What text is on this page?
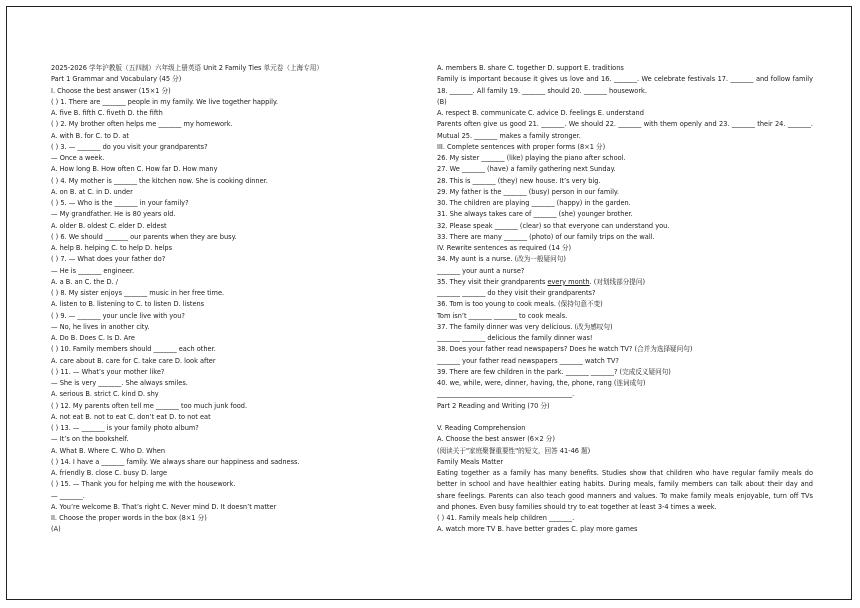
2025-2026 学年沪教版（五四制）六年级上册英语 Unit 2 Family Ties 单元卷（上海专用）
Part 1 Grammar and Vocabulary (45 分)
I. Choose the best answer (15×1 分)
( ) 1. There are _______ people in my family. We live together happily.
A. five B. fifth C. fiveth D. the fifth
( ) 2. My brother often helps me _______ my homework.
A. with B. for C. to D. at
( ) 3. — _______ do you visit your grandparents?
— Once a week.
A. How long B. How often C. How far D. How many
( ) 4. My mother is _______ the kitchen now. She is cooking dinner.
A. on B. at C. in D. under
( ) 5. — Who is the _______ in your family?
— My grandfather. He is 80 years old.
A. older B. oldest C. elder D. eldest
( ) 6. We should _______ our parents when they are busy.
A. help B. helping C. to help D. helps
( ) 7. — What does your father do?
— He is _______ engineer.
A. a B. an C. the D. /
( ) 8. My sister enjoys _______ music in her free time.
A. listen to B. listening to C. to listen D. listens
( ) 9. — _______ your uncle live with you?
— No, he lives in another city.
A. Do B. Does C. Is D. Are
( ) 10. Family members should _______ each other.
A. care about B. care for C. take care D. look after
( ) 11. — What’s your mother like?
— She is very _______. She always smiles.
A. serious B. strict C. kind D. shy
( ) 12. My parents often tell me _______ too much junk food.
A. not eat B. not to eat C. don’t eat D. to not eat
( ) 13. — _______ is your family photo album?
— It’s on the bookshelf.
A. What B. Where C. Who D. When
( ) 14. I have a _______ family. We always share our happiness and sadness.
A. friendly B. close C. busy D. large
( ) 15. — Thank you for helping me with the housework.
— _______.
A. You’re welcome B. That’s right C. Never mind D. It doesn’t matter
II. Choose the proper words in the box (8×1 分)
(A)
A. members B. share C. together D. support E. traditions
Family is important because it gives us love and 16. _______. We celebrate festivals 17. _______ and follow family 18. _______. All family 19. _______ should 20. _______ housework.
(B)
A. respect B. communicate C. advice D. feelings E. understand
Parents often give us good 21. _______. We should 22. _______ with them openly and 23. _______ their 24. _______. Mutual 25. _______ makes a family stronger.
III. Complete sentences with proper forms (8×1 分)
26. My sister _______ (like) playing the piano after school.
27. We _______ (have) a family gathering next Sunday.
28. This is _______ (they) new house. It’s very big.
29. My father is the _______ (busy) person in our family.
30. The children are playing _______ (happy) in the garden.
31. She always takes care of _______ (she) younger brother.
32. Please speak _______ (clear) so that everyone can understand you.
33. There are many _______ (photo) of our family trips on the wall.
IV. Rewrite sentences as required (14 分)
34. My aunt is a nurse. (改为一般疑问句)
_______ your aunt a nurse?
35. They visit their grandparents every month. (对划线部分提问)
_______ _______ do they visit their grandparents?
36. Tom is too young to cook meals. (保持句意不变)
Tom isn’t _______ _______ to cook meals.
37. The family dinner was very delicious. (改为感叹句)
_______ _______ delicious the family dinner was!
38. Does your father read newspapers? Does he watch TV? (合并为选择疑问句)
_______ your father read newspapers _______ watch TV?
39. There are few children in the park. _______ _______? (完成反义疑问句)
40. we, while, were, dinner, having, the, phone, rang (连词成句)
_________________________________________.
Part 2 Reading and Writing (70 分)

V. Reading Comprehension
A. Choose the best answer (6×2 分)
(阅读关于"家庭聚餐重要性"的短文，回答 41-46 题)
Family Meals Matter
Eating together as a family has many benefits. Studies show that children who have regular family meals do better in school and have healthier eating habits. During meals, family members can talk about their day and share feelings. Parents can also teach good manners and values. To make family meals enjoyable, turn off TVs and phones. Even busy families should try to eat together at least 3-4 times a week.
( ) 41. Family meals help children _______.
A. watch more TV B. have better grades C. play more games
